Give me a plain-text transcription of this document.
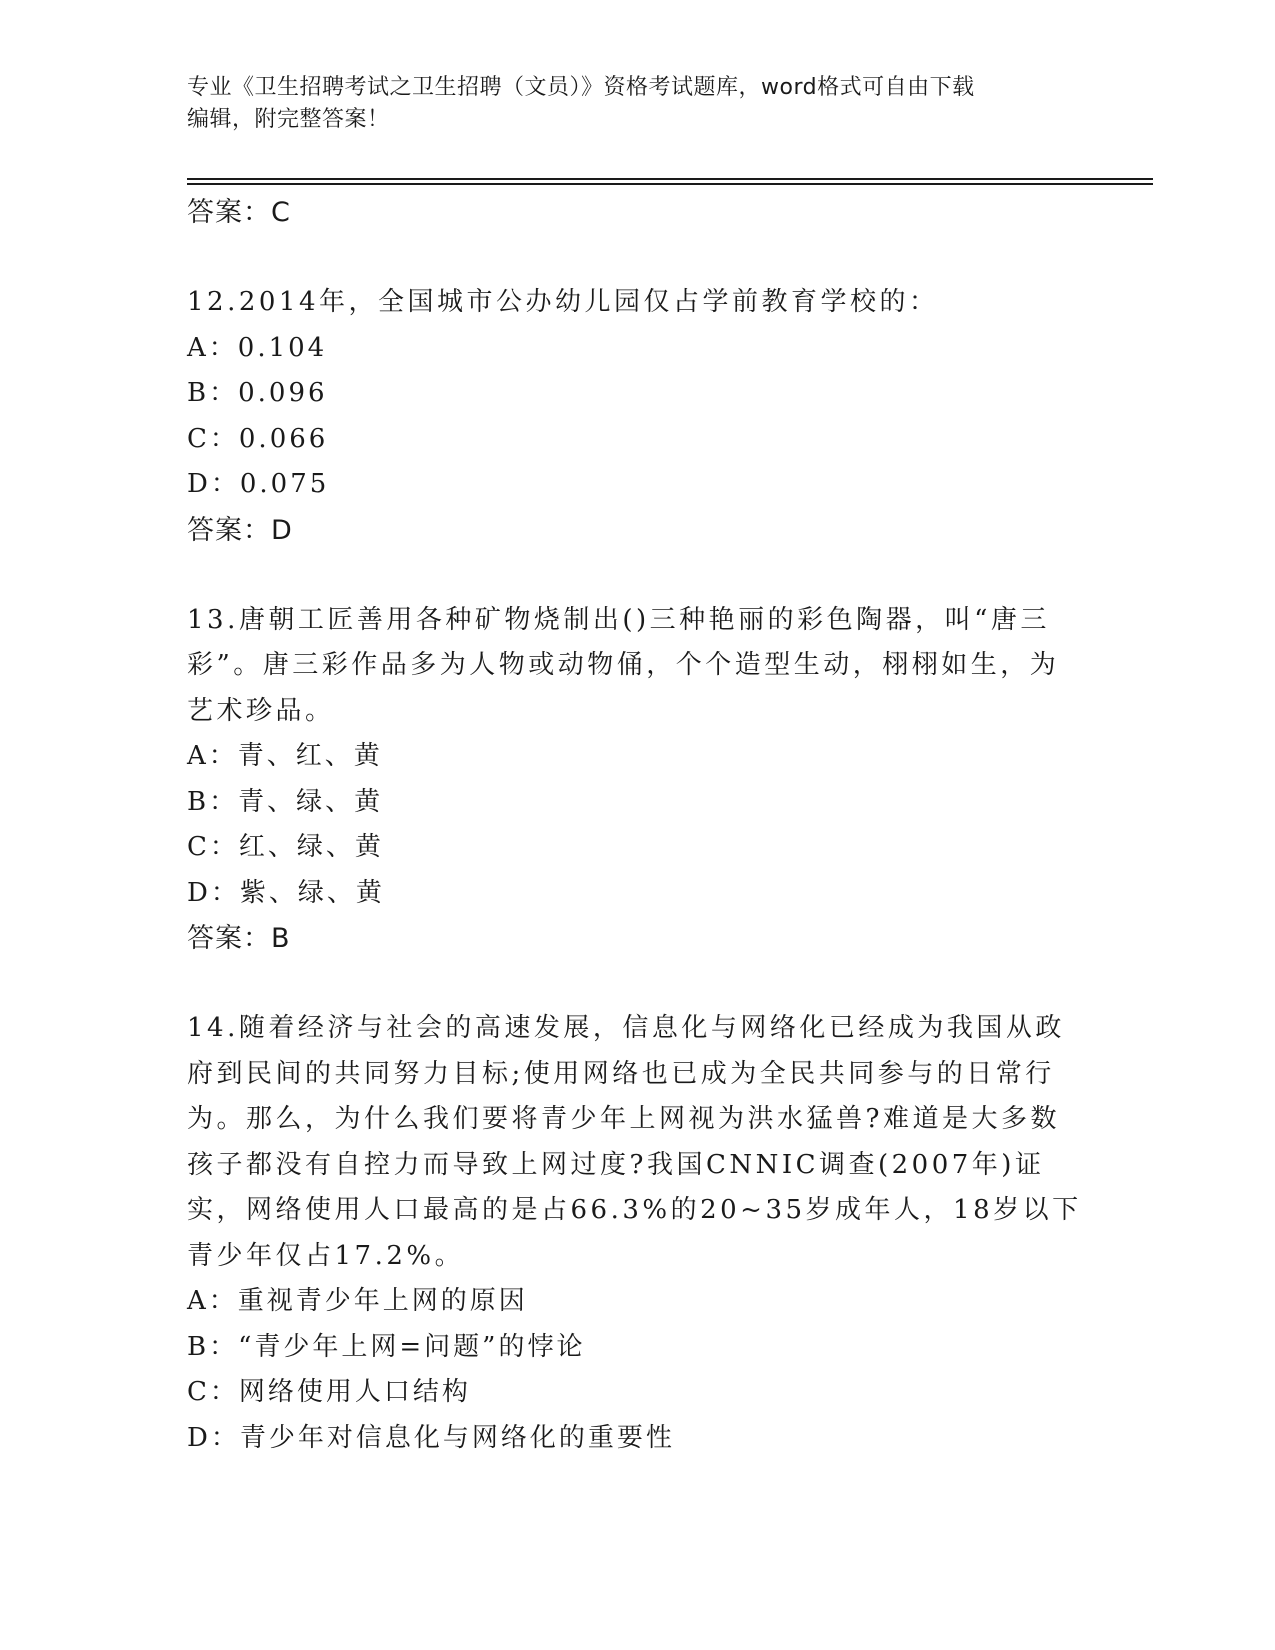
专业《卫生招聘考试之卫生招聘（文员）》资格考试题库，word格式可自由下载
编辑，附完整答案！
答案：C
12.2014年，全国城市公办幼儿园仅占学前教育学校的：
A：0.104
B：0.096
C：0.066
D：0.075
答案：D
13.唐朝工匠善用各种矿物烧制出()三种艳丽的彩色陶器，叫“唐三彩”。唐三彩作品多为人物或动物俑，个个造型生动，栩栩如生，为艺术珍品。
A：青、红、黄
B：青、绿、黄
C：红、绿、黄
D：紫、绿、黄
答案：B
14.随着经济与社会的高速发展，信息化与网络化已经成为我国从政府到民间的共同努力目标;使用网络也已成为全民共同参与的日常行为。那么，为什么我们要将青少年上网视为洪水猛兽?难道是大多数孩子都没有自控力而导致上网过度?我国CNNIC调查(2007年)证实，网络使用人口最高的是占66.3%的20~35岁成年人，18岁以下青少年仅占17.2%。
A：重视青少年上网的原因
B：“青少年上网=问题”的悖论
C：网络使用人口结构
D：青少年对信息化与网络化的重要性
